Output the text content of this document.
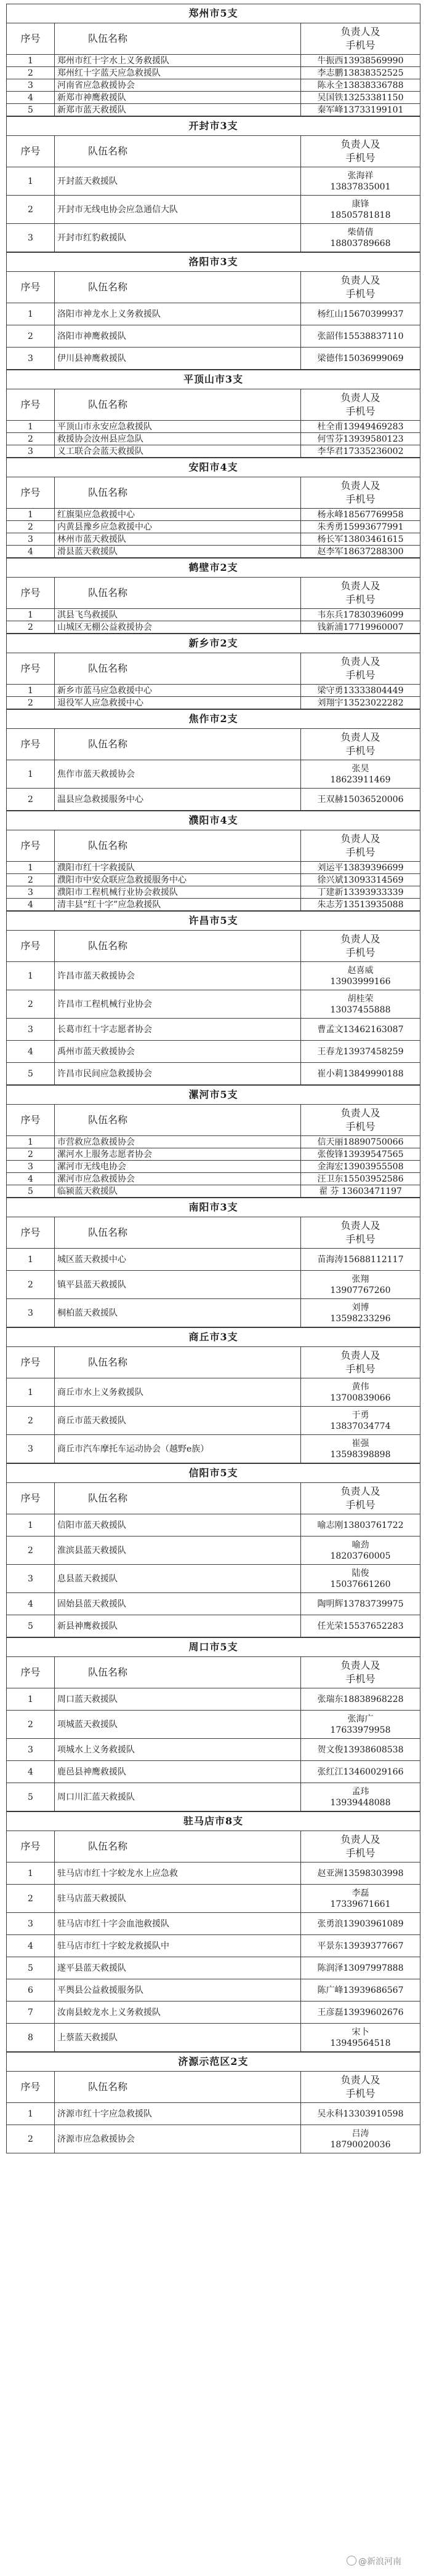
郑州市5支		
序号	队伍名称	负责人及
手机号

1	郑州市红十字水上义务救援队	牛振西13938569990

2	郑州红十字蓝天应急救援队	李志鹏13838352525

3	河南省应急救援协会	陈永全13838336788

4	新郑市神鹰救援队	吴国铁13253381150

5	新郑市蓝天救援队	秦军峰13733199101
开封市3支		
序号	队伍名称	负责人及
手机号

1	开封蓝天救援队	张海祥
13837835001

2	开封市无线电协会应急通信大队	康锋
18505781818

3	开封市红豹救援队	柴倩倩
18803789668
洛阳市3支		
序号	队伍名称	负责人及
手机号

1	洛阳市神龙水上义务救援队	杨红山15670399937

2	洛阳市神鹰救援队	张韶伟15538837110

3	伊川县神鹰救援队	梁德伟15036999069
平顶山市3支		
序号	队伍名称	负责人及
手机号

1	平顶山市永安应急救援队	杜全甫13949469283

2	救援协会汝州县应急队	何雪芬13939580123

3	义工联合会蓝天救援队	李华君17335236002
安阳市4支		
序号	队伍名称	负责人及
手机号

1	红旗渠应急救援中心	杨永峰18567769958

2	内黄县豫乡应急救援中心	朱秀勇15993677991

3	林州市蓝天救援队	杨长军13803461615

4	滑县蓝天救援队	赵李军18637288300
鹤壁市2支		
序号	队伍名称	负责人及
手机号

1	淇县飞鸟救援队	韦东兵17830396099

2	山城区无棚公益救援协会	钱新浦17719960007
新乡市2支		
序号	队伍名称	负责人及
手机号

1	新乡市蓝马应急救援中心	梁守勇13333804449

2	退役军人应急救援中心	刘翔宇13523022282
焦作市2支		
序号	队伍名称	负责人及
手机号

1	焦作市蓝天救援协会	张昊
18623911469

2	温县应急救援服务中心	王双赫15036520006
濮阳市4支		
序号	队伍名称	负责人及
手机号

1	濮阳市红十字救援队	刘运平13839396699

2	濮阳市中安众联应急救援服务中心	徐兴斌13093314569

3	濮阳市工程机械行业协会救援队	丁建新13393933339

4	清丰县“红十字”应急救援队	朱志芳13513935088
许昌市5支		
序号	队伍名称	负责人及
手机号

1	许昌市蓝天救援协会	赵喜威
13903999166

2	许昌市工程机械行业协会	胡桂荣
13037455888

3	长葛市红十字志愿者协会	曹孟文13462163087

4	禹州市蓝天救援协会	王春龙13937458259

5	许昌市民间应急救援协会	崔小莉13849990188
漯河市5支		
序号	队伍名称	负责人及
手机号

1	市营救应急救援协会	信天丽18890750066

2	漯河水上服务志愿者协会	张俊锋13939547565

3	漯河市无线电协会	金海宏13903955508

4	漯河市应急救援协会	汪卫东15503952586

5	临颍蓝天救援队	翟 芬 13603471197
南阳市3支		
序号	队伍名称	负责人及
手机号

1	城区蓝天救援中心	苗海涛15688112117

2	镇平县蓝天救援队	张翔
13907767260

3	桐柏蓝天救援队	刘博
13598233296
商丘市3支		
序号	队伍名称	负责人及
手机号

1	商丘市水上义务救援队	黄伟
13700839066

2	商丘市蓝天救援队	于勇
13837034774

3	商丘市汽车摩托车运动协会（越野e族）	崔强
13598398898
信阳市5支		
序号	队伍名称	负责人及
手机号

1	信阳市蓝天救援队	喻志刚13803761722

2	淮滨县蓝天救援队	喻劲
18203760005

3	息县蓝天救援队	陆俊
15037661260

4	固始县蓝天救援队	陶明辉13783739975

5	新县神鹰救援队	任光荣15537652283
周口市5支		
序号	队伍名称	负责人及
手机号

1	周口蓝天救援队	张瑞东18838968228

2	项城蓝天救援队	张海广
17633979958

3	项城水上义务救援队	贺文俊13938608538

4	鹿邑县神鹰救援队	张红江13460029166

5	周口川汇蓝天救援队	孟玮
13939448088
驻马店市8支		
序号	队伍名称	负责人及
手机号

1	驻马店市红十字蛟龙水上应急救	赵亚洲13598303998

2	驻马店蓝天救援队	李磊
17339671661

3	驻马店市红十字会血池救援队	张勇浪13903961089

4	驻马店市红十字蛟龙救援队中	平景东13939377667

5	遂平县蓝天救援队	陈润泽13097997888

6	平舆县公益救援服务队	陈广峰13939686567

7	汝南县蛟龙水上义务救援队	王彦磊13939602676

8	上蔡蓝天救援队	宋卜
13949564518
济源示范区2支		
序号	队伍名称	负责人及
手机号

1	济源市红十字应急救援队	吴永科13303910598

2	济源市应急救援协会	吕涛
18790020036
@新浪河南
